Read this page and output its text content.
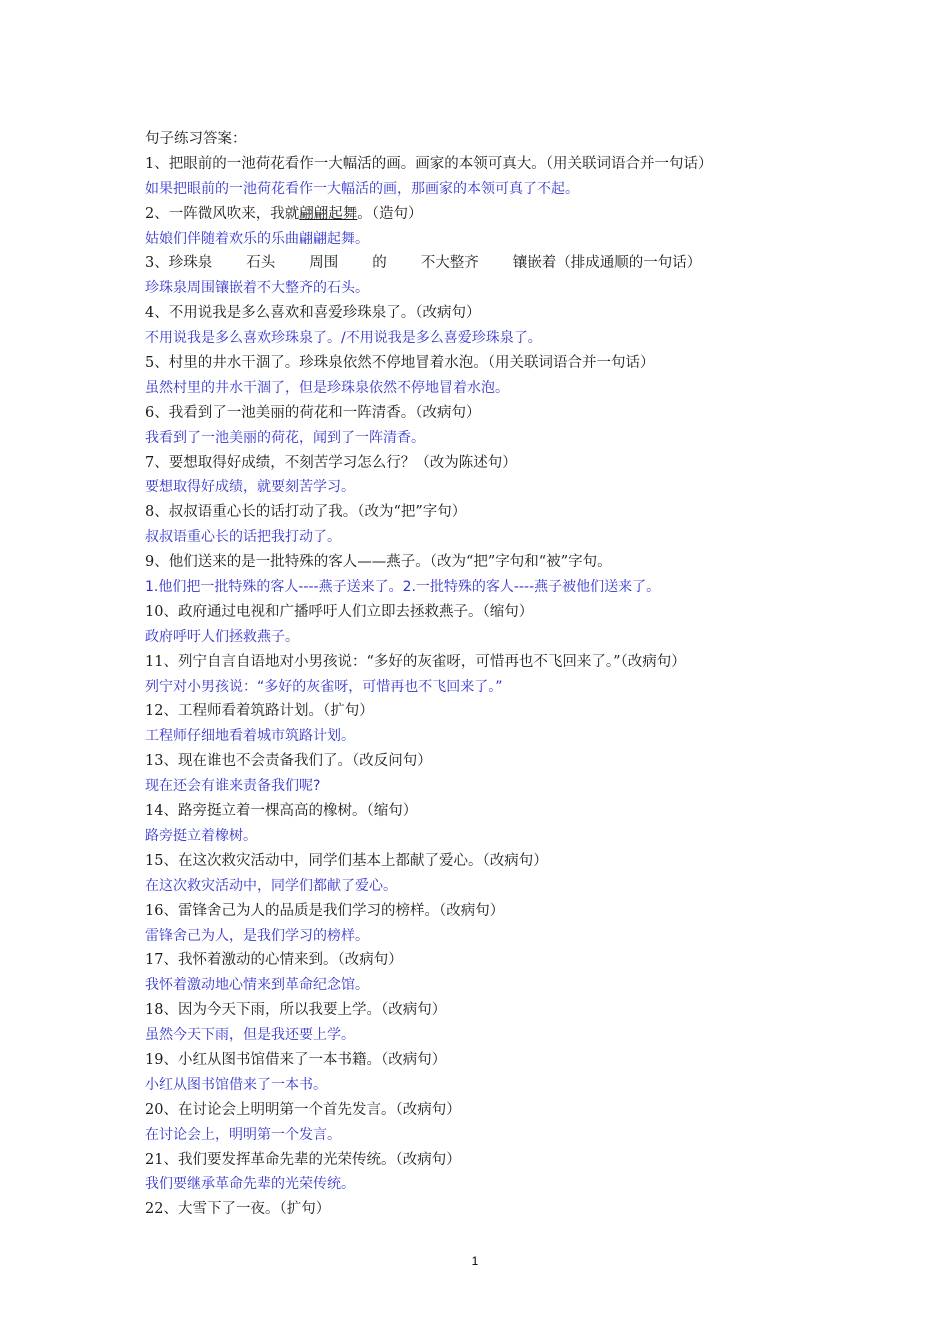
句子练习答案：
1、把眼前的一池荷花看作一大幅活的画。画家的本领可真大。（用关联词语合并一句话）
如果把眼前的一池荷花看作一大幅活的画，那画家的本领可真了不起。
2、一阵微风吹来，我就翩翩起舞。（造句）
姑娘们伴随着欢乐的乐曲翩翩起舞。
3、珍珠泉 石头 周围 的 不大整齐 镶嵌着（排成通顺的一句话）
珍珠泉周围镶嵌着不大整齐的石头。
4、不用说我是多么喜欢和喜爱珍珠泉了。（改病句）
不用说我是多么喜欢珍珠泉了。/不用说我是多么喜爱珍珠泉了。
5、村里的井水干涸了。珍珠泉依然不停地冒着水泡。（用关联词语合并一句话）
虽然村里的井水干涸了，但是珍珠泉依然不停地冒着水泡。
6、我看到了一池美丽的荷花和一阵清香。（改病句）
我看到了一池美丽的荷花，闻到了一阵清香。
7、要想取得好成绩，不刻苦学习怎么行？（改为陈述句）
要想取得好成绩，就要刻苦学习。
8、叔叔语重心长的话打动了我。（改为“把”字句）
叔叔语重心长的话把我打动了。
9、他们送来的是一批特殊的客人——燕子。（改为“把”字句和“被”字句。
1.他们把一批特殊的客人----燕子送来了。2.一批特殊的客人----燕子被他们送来了。
10、政府通过电视和广播呼吁人们立即去拯救燕子。（缩句）
政府呼吁人们拯救燕子。
11、列宁自言自语地对小男孩说：“多好的灰雀呀，可惜再也不飞回来了。”（改病句）
列宁对小男孩说：“多好的灰雀呀，可惜再也不飞回来了。”
12、工程师看着筑路计划。（扩句）
工程师仔细地看着城市筑路计划。
13、现在谁也不会责备我们了。（改反问句）
现在还会有谁来责备我们呢?
14、路旁挺立着一棵高高的橡树。（缩句）
路旁挺立着橡树。
15、在这次救灾活动中，同学们基本上都献了爱心。（改病句）
在这次救灾活动中，同学们都献了爱心。
16、雷锋舍己为人的品质是我们学习的榜样。（改病句）
雷锋舍己为人，是我们学习的榜样。
17、我怀着激动的心情来到。（改病句）
我怀着激动地心情来到革命纪念馆。
18、因为今天下雨，所以我要上学。（改病句）
虽然今天下雨，但是我还要上学。
19、小红从图书馆借来了一本书籍。（改病句）
小红从图书馆借来了一本书。
20、在讨论会上明明第一个首先发言。（改病句）
在讨论会上，明明第一个发言。
21、我们要发挥革命先辈的光荣传统。（改病句）
我们要继承革命先辈的光荣传统。
22、大雪下了一夜。（扩句）
1
